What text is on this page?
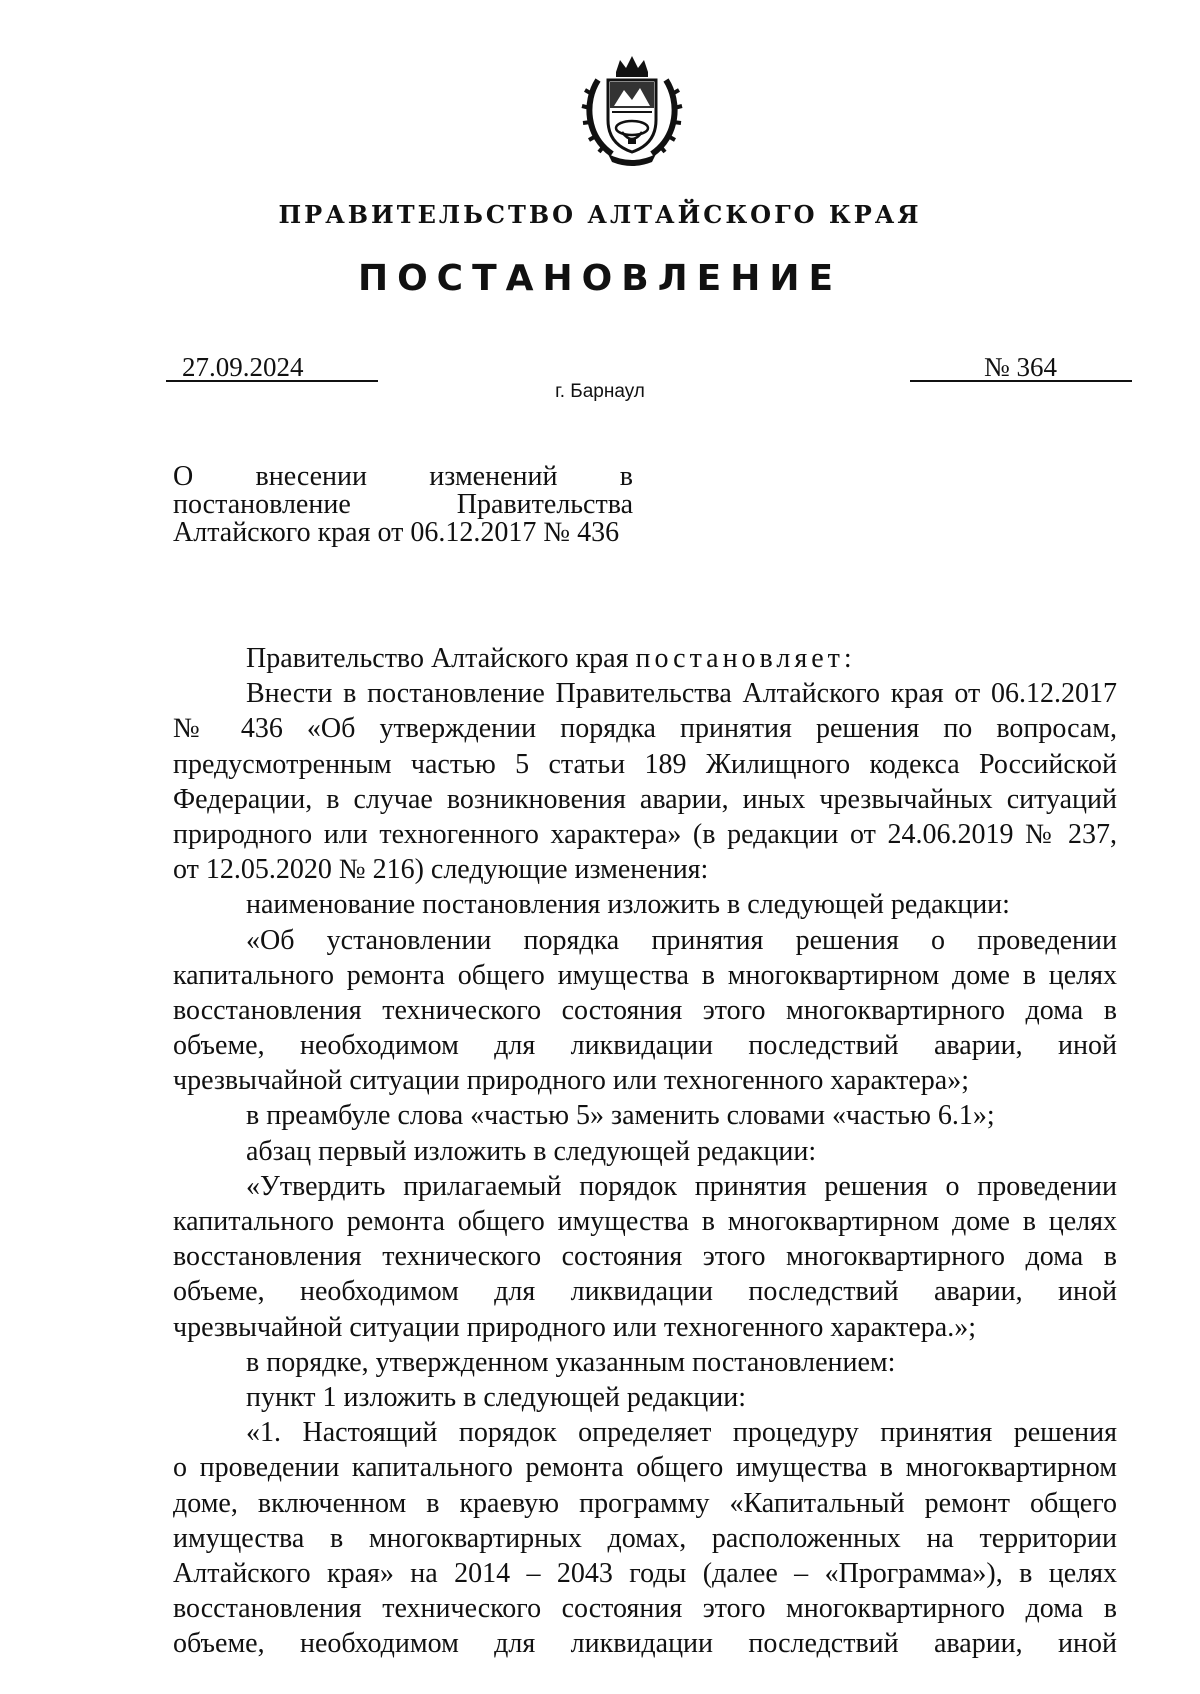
ПРАВИТЕЛЬСТВО АЛТАЙСКОГО КРАЯ
ПОСТАНОВЛЕНИЕ
27.09.2024	№ 364
г. Барнаул
О внесении изменений в
постановление Правительства
Алтайского края от 06.12.2017 № 436
Правительство Алтайского края постановляет:
Внести в постановление Правительства Алтайского края от 06.12.2017
№ 436 «Об утверждении порядка принятия решения по вопросам,
предусмотренным частью 5 статьи 189 Жилищного кодекса Российской
Федерации, в случае возникновения аварии, иных чрезвычайных ситуаций
природного или техногенного характера» (в редакции от 24.06.2019 № 237,
от 12.05.2020 № 216) следующие изменения:
наименование постановления изложить в следующей редакции:
«Об установлении порядка принятия решения о проведении
капитального ремонта общего имущества в многоквартирном доме в целях
восстановления технического состояния этого многоквартирного дома в
объеме, необходимом для ликвидации последствий аварии, иной
чрезвычайной ситуации природного или техногенного характера»;
в преамбуле слова «частью 5» заменить словами «частью 6.1»;
абзац первый изложить в следующей редакции:
«Утвердить прилагаемый порядок принятия решения о проведении
капитального ремонта общего имущества в многоквартирном доме в целях
восстановления технического состояния этого многоквартирного дома в
объеме, необходимом для ликвидации последствий аварии, иной
чрезвычайной ситуации природного или техногенного характера.»;
в порядке, утвержденном указанным постановлением:
пункт 1 изложить в следующей редакции:
«1. Настоящий порядок определяет процедуру принятия решения
о проведении капитального ремонта общего имущества в многоквартирном
доме, включенном в краевую программу «Капитальный ремонт общего
имущества в многоквартирных домах, расположенных на территории
Алтайского края» на 2014 – 2043 годы (далее – «Программа»), в целях
восстановления технического состояния этого многоквартирного дома в
объеме, необходимом для ликвидации последствий аварии, иной
